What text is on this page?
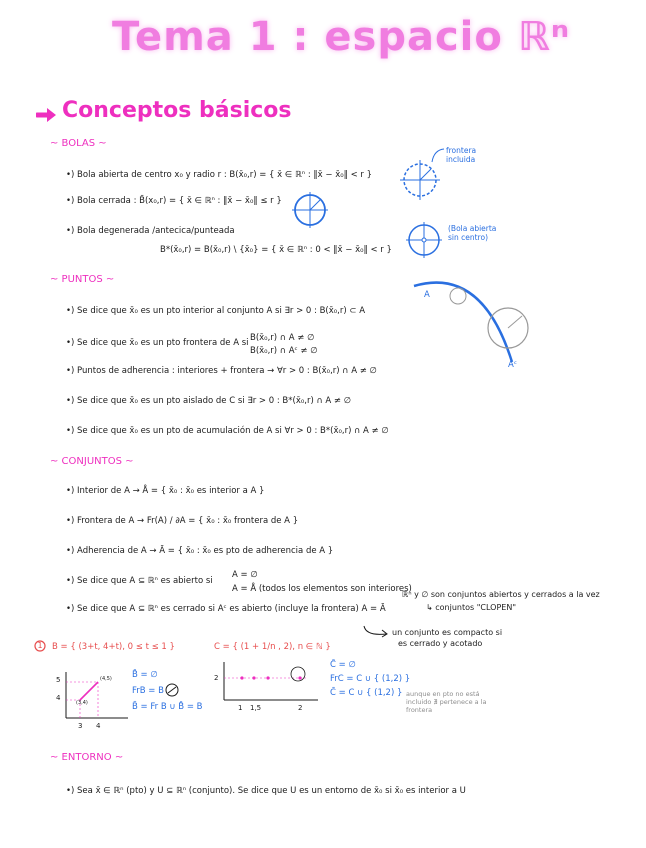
Tema 1 : espacio ℝⁿ
Conceptos básicos
~ BOLAS ~
•) Bola abierta de centro x₀ y radio r : B(x̄₀,r) = { x̄ ∈ ℝⁿ : ‖x̄ − x̄₀‖ < r }
•) Bola cerrada : B̄(x₀,r) = { x̄ ∈ ℝⁿ : ‖x̄ − x̄₀‖ ≤ r }
•) Bola degenerada /antecica/punteada
B*(x̄₀,r) = B(x̄₀,r) \ {x̄₀} = { x̄ ∈ ℝⁿ : 0 < ‖x̄ − x̄₀‖ < r }
frontera incluida
(Bola abierta sin centro)
~ PUNTOS ~
•) Se dice que x̄₀ es un pto interior al conjunto A si ∃r > 0 : B(x̄₀,r) ⊂ A
•) Se dice que x̄₀ es un pto frontera de A si B(x̄₀,r) ∩ A ≠ ∅
B(x̄₀,r) ∩ Aᶜ ≠ ∅
•) Puntos de adherencia : interiores + frontera → ∀r > 0 : B(x̄₀,r) ∩ A ≠ ∅
•) Se dice que x̄₀ es un pto aislado de C si ∃r > 0 : B*(x̄₀,r) ∩ A ≠ ∅
•) Se dice que x̄₀ es un pto de acumulación de A si ∀r > 0 : B*(x̄₀,r) ∩ A ≠ ∅
A
Aᶜ
~ CONJUNTOS ~
•) Interior de A → Å = { x̄₀ : x̄₀ es interior a A }
•) Frontera de A → Fr(A) / ∂A = { x̄₀ : x̄₀ frontera de A }
•) Adherencia de A → Ā = { x̄₀ : x̄₀ es pto de adherencia de A }
•) Se dice que A ⊆ ℝⁿ es abierto si
A = ∅
A = Å (todos los elementos son interiores)
•) Se dice que A ⊆ ℝⁿ es cerrado si Aᶜ es abierto (incluye la frontera) A = Ā
ℝⁿ y ∅ son conjuntos abiertos y cerrados a la vez
↳ conjuntos "CLOPEN"
un conjunto es compacto si
es cerrado y acotado
1 B = { (3+t, 4+t), 0 ≤ t ≤ 1 }	C = { (1 + 1/n , 2), n ∈ ℕ }
5
4
3 4
(4,5)
(3,4)
B̊ = ∅
FrB = B
B̄ = Fr B ∪ B̊ = B
2
1 1,5	2
C̊ = ∅
FrC = C ∪ { (1,2) }
C̄ = C ∪ { (1,2) } aunque en pto no está incluido ∄ pertenece a la frontera
~ ENTORNO ~
•) Sea x̄ ∈ ℝⁿ (pto) y U ⊆ ℝⁿ (conjunto). Se dice que U es un entorno de x̄₀ si x̄₀ es interior a U
